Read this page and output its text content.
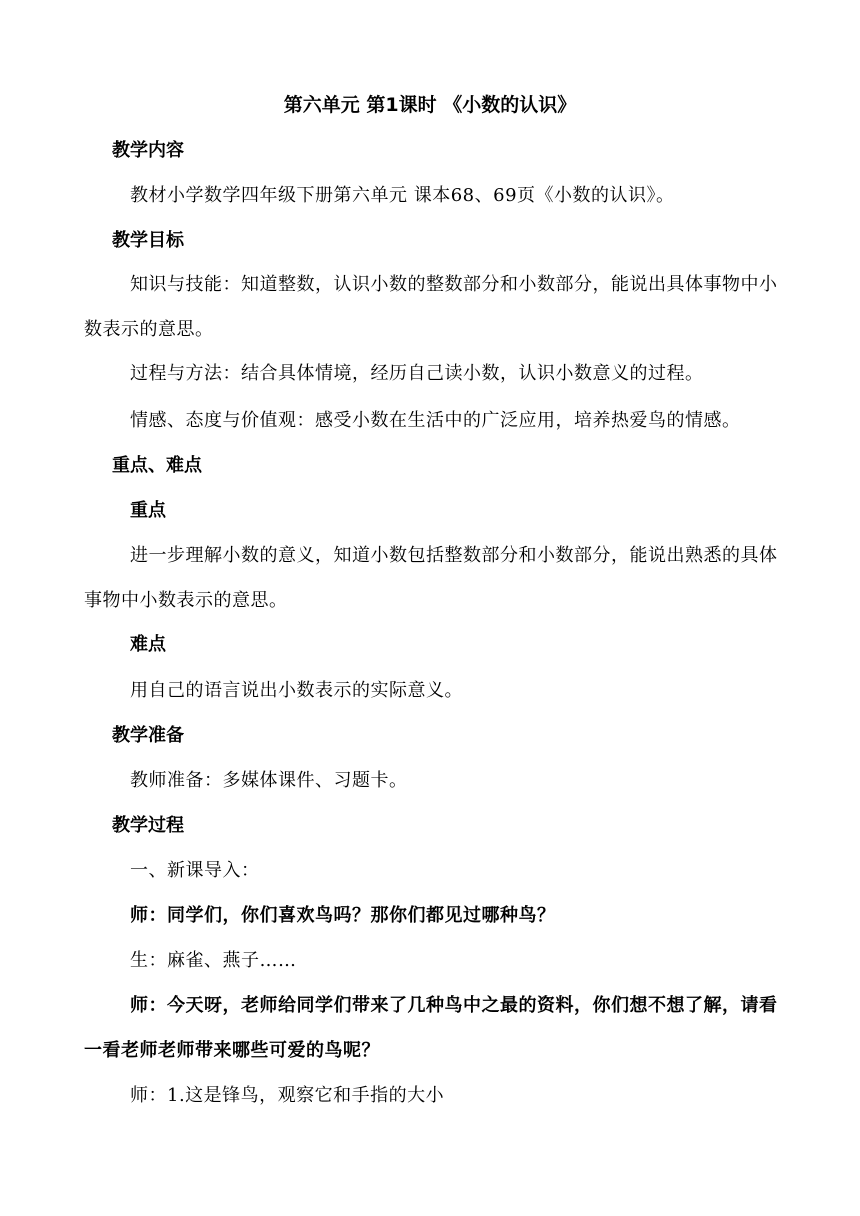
第六单元 第1课时 《小数的认识》
教学内容
教材小学数学四年级下册第六单元 课本68、69页《小数的认识》。
教学目标
知识与技能：知道整数，认识小数的整数部分和小数部分，能说出具体事物中小数表示的意思。
过程与方法：结合具体情境，经历自己读小数，认识小数意义的过程。
情感、态度与价值观：感受小数在生活中的广泛应用，培养热爱鸟的情感。
重点、难点
重点
进一步理解小数的意义，知道小数包括整数部分和小数部分，能说出熟悉的具体事物中小数表示的意思。
难点
用自己的语言说出小数表示的实际意义。
教学准备
教师准备：多媒体课件、习题卡。
教学过程
一、新课导入：
师：同学们，你们喜欢鸟吗？那你们都见过哪种鸟？
生：麻雀、燕子……
师：今天呀，老师给同学们带来了几种鸟中之最的资料，你们想不想了解，请看一看老师老师带来哪些可爱的鸟呢？
师：1.这是锋鸟，观察它和手指的大小
